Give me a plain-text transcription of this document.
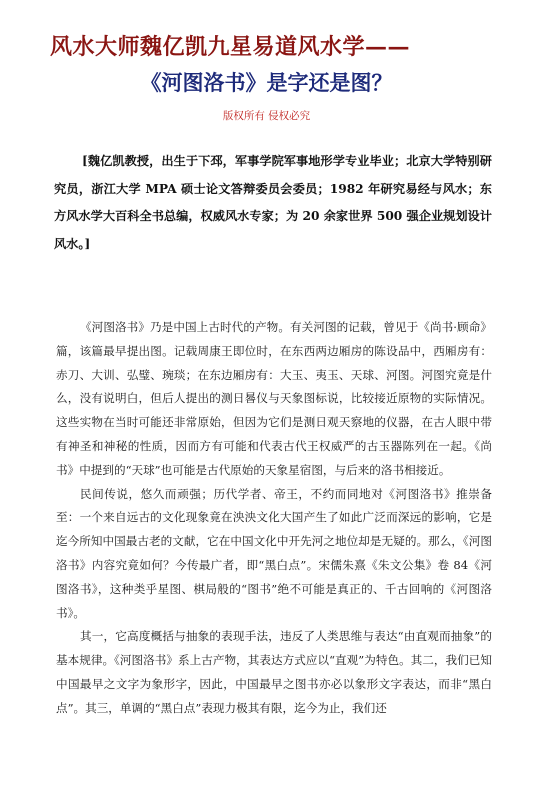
风水大师魏亿凯九星易道风水学——
《河图洛书》是字还是图？
版权所有 侵权必究
[魏亿凯教授，出生于下邳，军事学院军事地形学专业毕业；北京大学特别研究员，浙江大学 MPA 硕士论文答辩委员会委员；1982 年研究易经与风水；东方风水学大百科全书总编，权威风水专家；为 20 余家世界 500 强企业规划设计风水。]

《河图洛书》乃是中国上古时代的产物。有关河图的记载，曾见于《尚书·顾命》篇，该篇最早提出图。记载周康王即位时，在东西两边厢房的陈设品中，西厢房有：赤刀、大训、弘璧、琬琰；在东边厢房有：大玉、夷玉、天球、河图。河图究竟是什么，没有说明白，但后人提出的测日晷仪与天象图标说，比较接近原物的实际情况。这些实物在当时可能还非常原始，但因为它们是测日观天察地的仪器，在古人眼中带有神圣和神秘的性质，因而方有可能和代表古代王权威严的古玉器陈列在一起。《尚书》中提到的“天球”也可能是古代原始的天象星宿图，与后来的洛书相接近。

民间传说，悠久而顽强；历代学者、帝王，不约而同地对《河图洛书》推崇备至：一个来自远古的文化现象竟在泱泱文化大国产生了如此广泛而深远的影响，它是迄今所知中国最古老的文献，它在中国文化中开先河之地位却是无疑的。那么，《河图洛书》内容究竟如何？今传最广者，即“黑白点”。宋儒朱熹《朱文公集》卷 84《河图洛书》，这种类乎星图、棋局般的“图书”绝不可能是真正的、千古回响的《河图洛书》。

其一，它高度概括与抽象的表现手法，违反了人类思维与表达“由直观而抽象”的基本规律。《河图洛书》系上古产物，其表达方式应以“直观”为特色。其二，我们已知中国最早之文字为象形字，因此，中国最早之图书亦必以象形文字表达，而非“黑白点”。其三，单调的“黑白点”表现力极其有限，迄今为止，我们还
